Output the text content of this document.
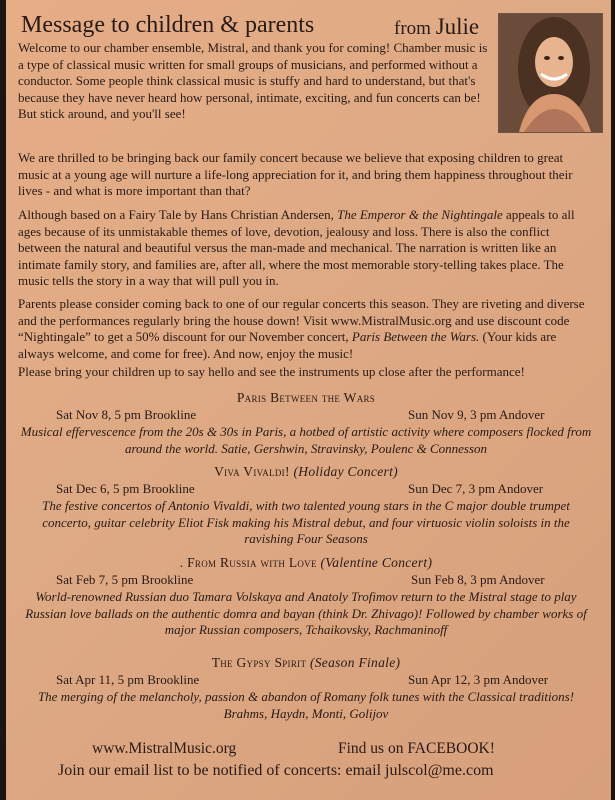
Message to children & parents	from Julie

Welcome to our chamber ensemble, Mistral, and thank you for coming! Chamber music is a type of classical music written for small groups of musicians, and performed without a conductor. Some people think classical music is stuffy and hard to understand, but that's because they have never heard how personal, intimate, exciting, and fun concerts can be! But stick around, and you'll see!

We are thrilled to be bringing back our family concert because we believe that exposing children to great music at a young age will nurture a life-long appreciation for it, and bring them happiness throughout their lives - and what is more important than that?

Although based on a Fairy Tale by Hans Christian Andersen, The Emperor & the Nightingale appeals to all ages because of its unmistakable themes of love, devotion, jealousy and loss. There is also the conflict between the natural and beautiful versus the man-made and mechanical. The narration is written like an intimate family story, and families are, after all, where the most memorable story-telling takes place. The music tells the story in a way that will pull you in.

Parents please consider coming back to one of our regular concerts this season. They are riveting and diverse and the performances regularly bring the house down! Visit www.MistralMusic.org and use discount code “Nightingale” to get a 50% discount for our November concert, Paris Between the Wars. (Your kids are always welcome, and come for free). And now, enjoy the music!

Please bring your children up to say hello and see the instruments up close after the performance!

Paris Between the Wars
Sat Nov 8, 5 pm Brookline	Sun Nov 9, 3 pm Andover
Musical effervescence from the 20s & 30s in Paris, a hotbed of artistic activity where composers flocked from around the world. Satie, Gershwin, Stravinsky, Poulenc & Connesson
Viva Vivaldi! (Holiday Concert)
Sat Dec 6, 5 pm Brookline	Sun Dec 7, 3 pm Andover
The festive concertos of Antonio Vivaldi, with two talented young stars in the C major double trumpet concerto, guitar celebrity Eliot Fisk making his Mistral debut, and four virtuosic violin soloists in the ravishing Four Seasons
. From Russia with Love (Valentine Concert)
Sat Feb 7, 5 pm Brookline	Sun Feb 8, 3 pm Andover
World-renowned Russian duo Tamara Volskaya and Anatoly Trofimov return to the Mistral stage to play Russian love ballads on the authentic domra and bayan (think Dr. Zhivago)! Followed by chamber works of major Russian composers, Tchaikovsky, Rachmaninoff
The Gypsy Spirit (Season Finale)
Sat Apr 11, 5 pm Brookline	Sun Apr 12, 3 pm Andover
The merging of the melancholy, passion & abandon of Romany folk tunes with the Classical traditions! Brahms, Haydn, Monti, Golijov
www.MistralMusic.org	Find us on FACEBOOK!
Join our email list to be notified of concerts: email julscol@me.com
